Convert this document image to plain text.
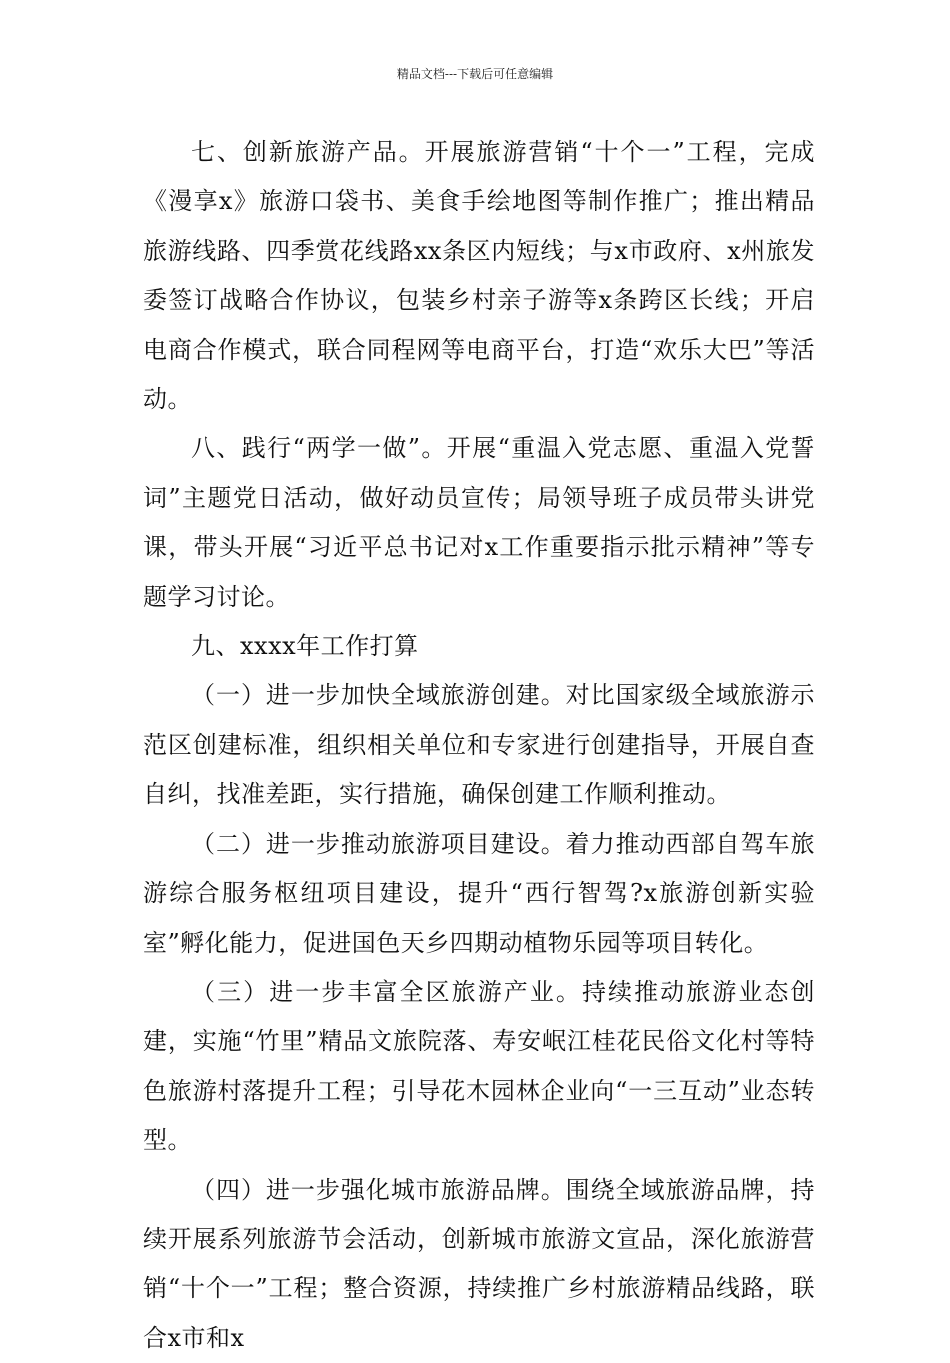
精品文档---下载后可任意编辑

七、创新旅游产品。开展旅游营销“十个一”工程，完成《漫享x》旅游口袋书、美食手绘地图等制作推广；推出精品旅游线路、四季赏花线路xx条区内短线；与x市政府、x州旅发委签订战略合作协议，包装乡村亲子游等x条跨区长线；开启电商合作模式，联合同程网等电商平台，打造“欢乐大巴”等活动。

八、践行“两学一做”。开展“重温入党志愿、重温入党誓词”主题党日活动，做好动员宣传；局领导班子成员带头讲党课，带头开展“习近平总书记对x工作重要指示批示精神”等专题学习讨论。

九、xxxx年工作打算

（一）进一步加快全域旅游创建。对比国家级全域旅游示范区创建标准，组织相关单位和专家进行创建指导，开展自查自纠，找准差距，实行措施，确保创建工作顺利推动。

（二）进一步推动旅游项目建设。着力推动西部自驾车旅游综合服务枢纽项目建设，提升“西行智驾?x旅游创新实验室”孵化能力，促进国色天乡四期动植物乐园等项目转化。

（三）进一步丰富全区旅游产业。持续推动旅游业态创建，实施“竹里”精品文旅院落、寿安岷江桂花民俗文化村等特色旅游村落提升工程；引导花木园林企业向“一三互动”业态转型。

（四）进一步强化城市旅游品牌。围绕全域旅游品牌，持续开展系列旅游节会活动，创新城市旅游文宣品，深化旅游营销“十个一”工程；整合资源，持续推广乡村旅游精品线路，联合x市和x
